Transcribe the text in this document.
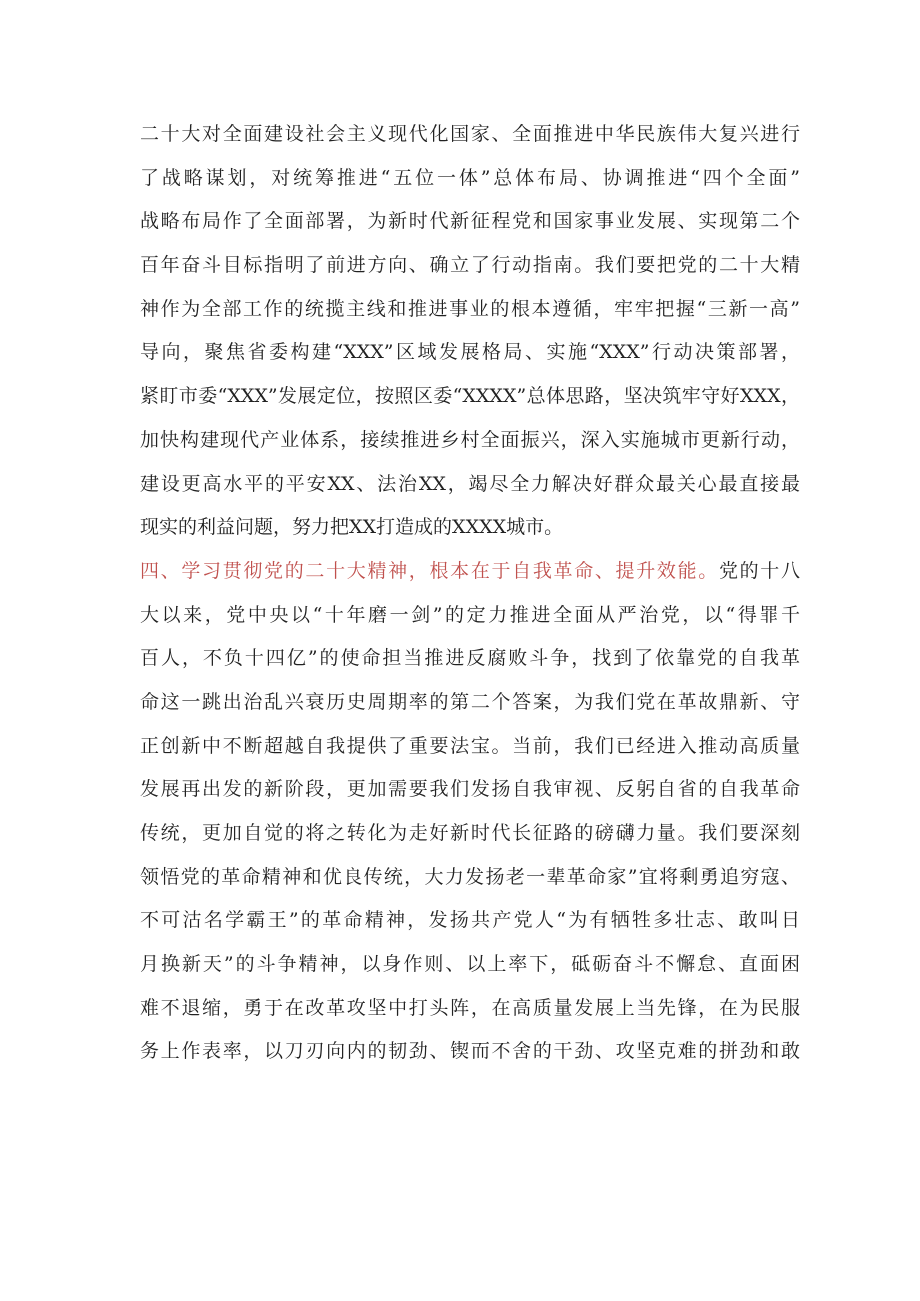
二十大对全面建设社会主义现代化国家、全面推进中华民族伟大复兴进行
了战略谋划，对统筹推进“五位一体”总体布局、协调推进“四个全面”
战略布局作了全面部署，为新时代新征程党和国家事业发展、实现第二个
百年奋斗目标指明了前进方向、确立了行动指南。我们要把党的二十大精
神作为全部工作的统揽主线和推进事业的根本遵循，牢牢把握“三新一高”
导向，聚焦省委构建“XXX”区域发展格局、实施“XXX”行动决策部署，
紧盯市委“XXX”发展定位，按照区委“XXXX”总体思路，坚决筑牢守好XXX，
加快构建现代产业体系，接续推进乡村全面振兴，深入实施城市更新行动，
建设更高水平的平安XX、法治XX，竭尽全力解决好群众最关心最直接最
现实的利益问题，努力把XX打造成的XXXX城市。
四、学习贯彻党的二十大精神，根本在于自我革命、提升效能。党的十八
大以来，党中央以“十年磨一剑”的定力推进全面从严治党，以“得罪千
百人，不负十四亿”的使命担当推进反腐败斗争，找到了依靠党的自我革
命这一跳出治乱兴衰历史周期率的第二个答案，为我们党在革故鼎新、守
正创新中不断超越自我提供了重要法宝。当前，我们已经进入推动高质量
发展再出发的新阶段，更加需要我们发扬自我审视、反躬自省的自我革命
传统，更加自觉的将之转化为走好新时代长征路的磅礴力量。我们要深刻
领悟党的革命精神和优良传统，大力发扬老一辈革命家”宜将剩勇追穷寇、
不可沽名学霸王”的革命精神，发扬共产党人“为有牺牲多壮志、敢叫日
月换新天”的斗争精神，以身作则、以上率下，砥砺奋斗不懈怠、直面困
难不退缩，勇于在改革攻坚中打头阵，在高质量发展上当先锋，在为民服
务上作表率，以刀刃向内的韧劲、锲而不舍的干劲、攻坚克难的拼劲和敢
